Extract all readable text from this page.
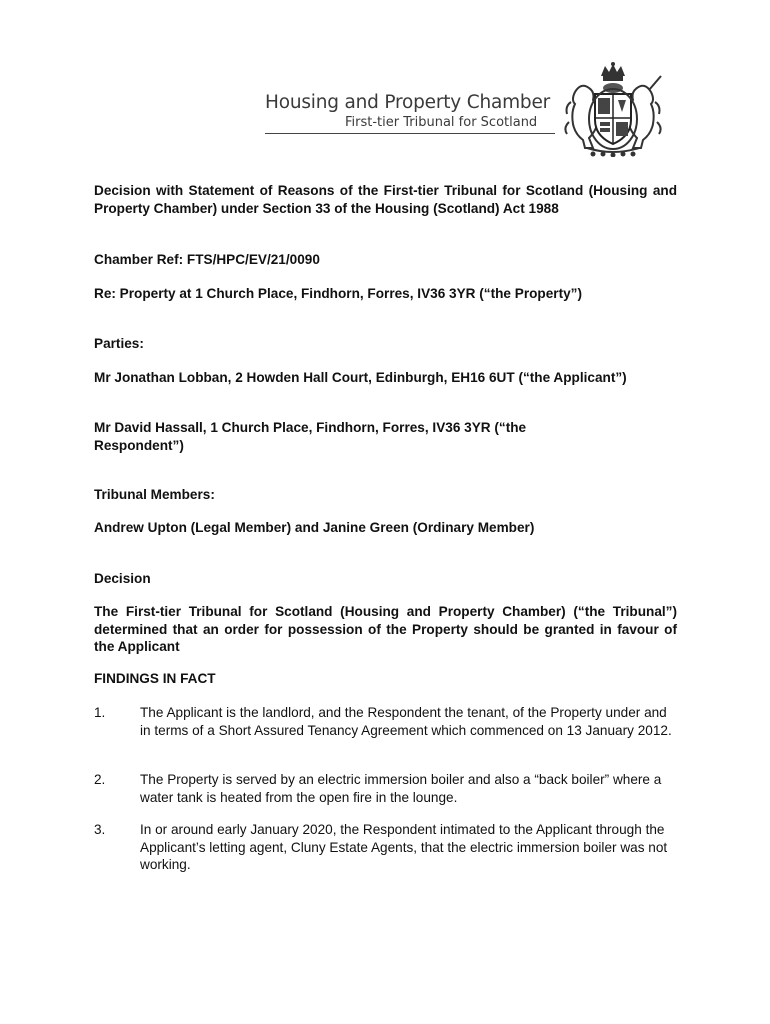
Housing and Property Chamber
First-tier Tribunal for Scotland
Decision with Statement of Reasons of the First-tier Tribunal for Scotland (Housing and Property Chamber) under Section 33 of the Housing (Scotland) Act 1988
Chamber Ref: FTS/HPC/EV/21/0090
Re: Property at 1 Church Place, Findhorn, Forres, IV36 3YR (“the Property”)
Parties:
Mr Jonathan Lobban, 2 Howden Hall Court, Edinburgh, EH16 6UT (“the Applicant”)
Mr David Hassall, 1 Church Place, Findhorn, Forres, IV36 3YR (“the Respondent”)
Tribunal Members:
Andrew Upton (Legal Member) and Janine Green (Ordinary Member)
Decision
The First-tier Tribunal for Scotland (Housing and Property Chamber) (“the Tribunal”) determined that an order for possession of the Property should be granted in favour of the Applicant
FINDINGS IN FACT
1.	The Applicant is the landlord, and the Respondent the tenant, of the Property under and in terms of a Short Assured Tenancy Agreement which commenced on 13 January 2012.
2.	The Property is served by an electric immersion boiler and also a “back boiler” where a water tank is heated from the open fire in the lounge.
3.	In or around early January 2020, the Respondent intimated to the Applicant through the Applicant’s letting agent, Cluny Estate Agents, that the electric immersion boiler was not working.
